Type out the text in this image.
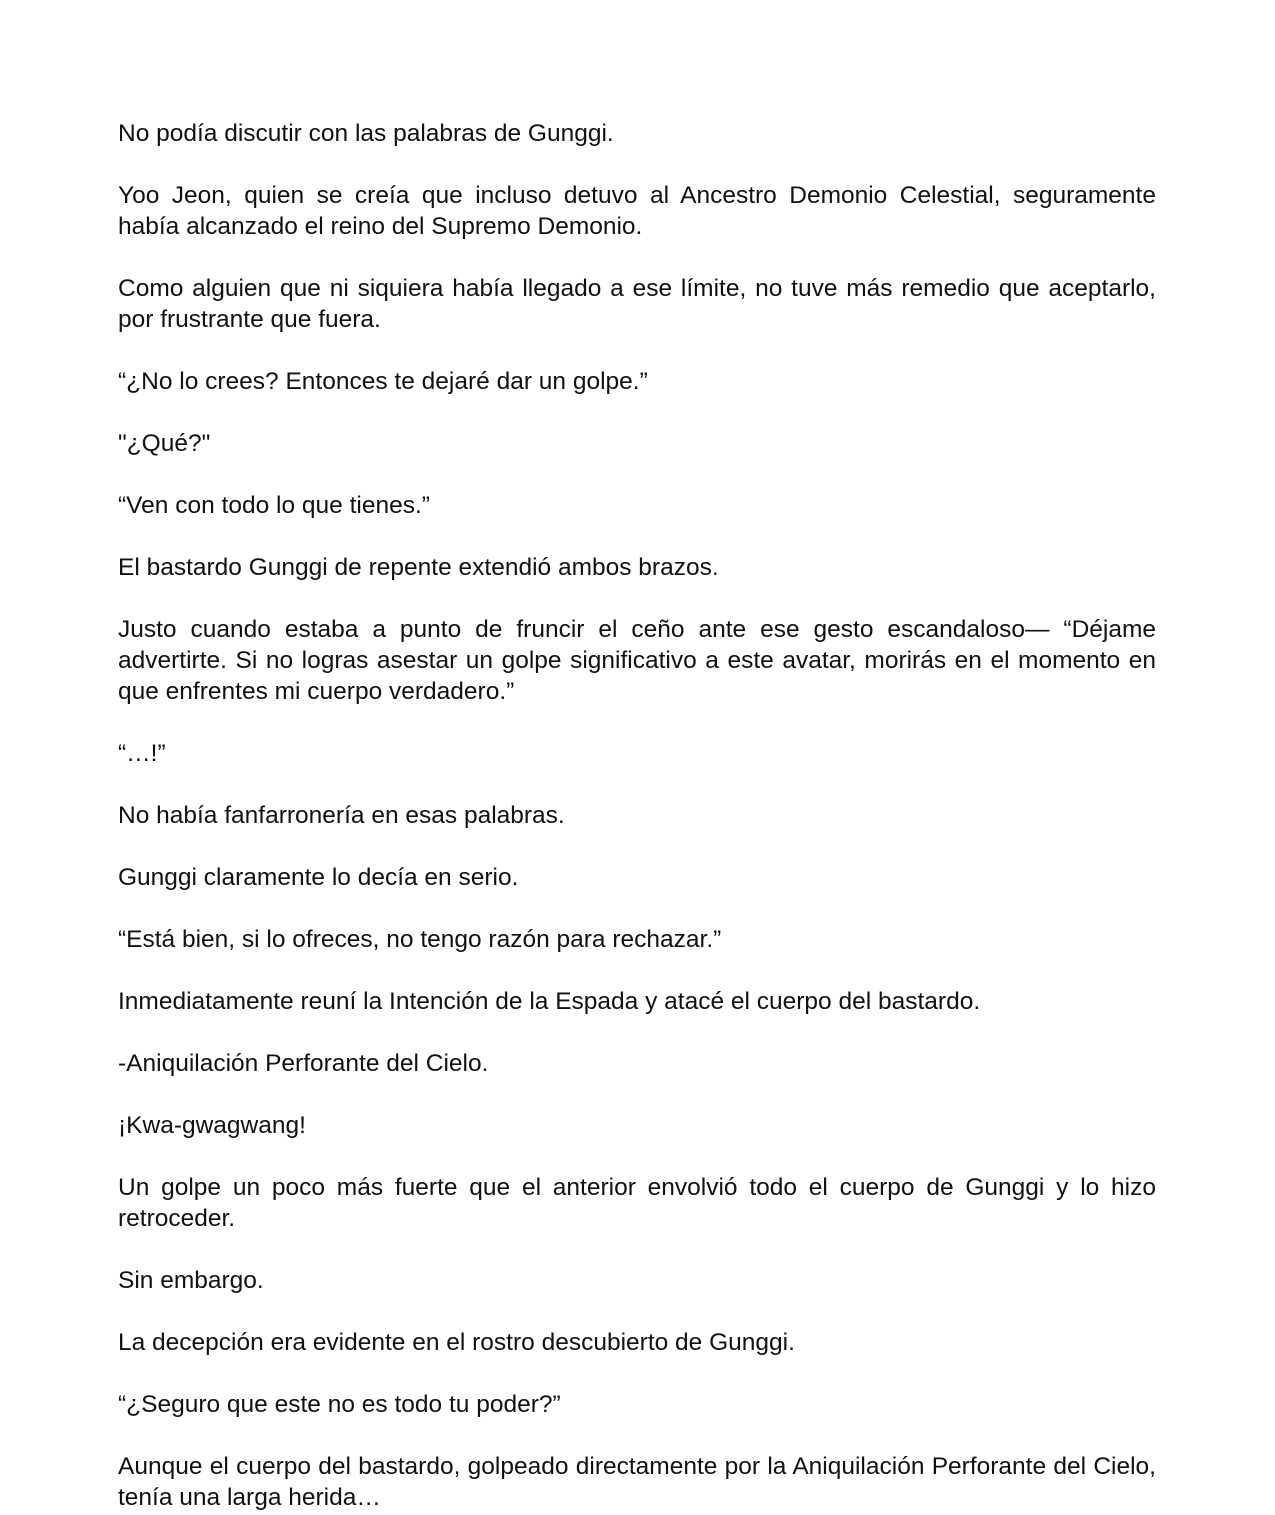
No podía discutir con las palabras de Gunggi.

Yoo Jeon, quien se creía que incluso detuvo al Ancestro Demonio Celestial, seguramente había alcanzado el reino del Supremo Demonio.

Como alguien que ni siquiera había llegado a ese límite, no tuve más remedio que aceptarlo, por frustrante que fuera.

“¿No lo crees? Entonces te dejaré dar un golpe.”

"¿Qué?"

“Ven con todo lo que tienes.”

El bastardo Gunggi de repente extendió ambos brazos.

Justo cuando estaba a punto de fruncir el ceño ante ese gesto escandaloso— “Déjame advertirte. Si no logras asestar un golpe significativo a este avatar, morirás en el momento en que enfrentes mi cuerpo verdadero.”

“…!”

No había fanfarronería en esas palabras.

Gunggi claramente lo decía en serio.

“Está bien, si lo ofreces, no tengo razón para rechazar.”

Inmediatamente reuní la Intención de la Espada y atacé el cuerpo del bastardo.

-Aniquilación Perforante del Cielo.

¡Kwa-gwagwang!

Un golpe un poco más fuerte que el anterior envolvió todo el cuerpo de Gunggi y lo hizo retroceder.

Sin embargo.

La decepción era evidente en el rostro descubierto de Gunggi.

“¿Seguro que este no es todo tu poder?”

Aunque el cuerpo del bastardo, golpeado directamente por la Aniquilación Perforante del Cielo, tenía una larga herida…
